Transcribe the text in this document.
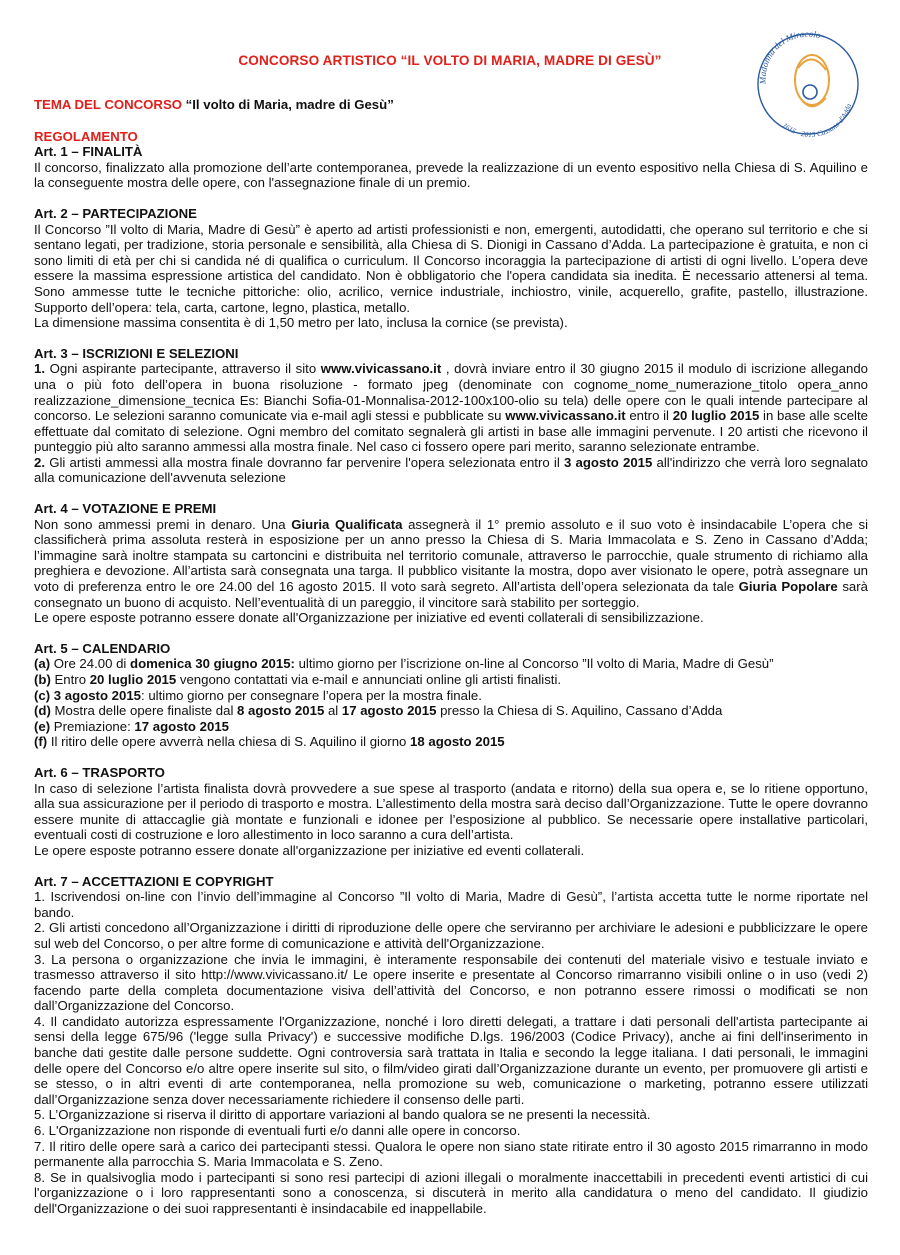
CONCORSO ARTISTICO “IL VOLTO DI MARIA, MADRE DI GESÙ”
Madonna del Miracolo
1615 - 2015 Cassano d'Adda

TEMA DEL CONCORSO “Il volto di Maria, madre di Gesù”

REGOLAMENTO

Art. 1 – FINALITÀ

Il concorso, finalizzato alla promozione dell’arte contemporanea, prevede la realizzazione di un evento espositivo nella Chiesa di S. Aquilino e la conseguente mostra delle opere, con l'assegnazione finale di un premio.

Art. 2 – PARTECIPAZIONE

Il Concorso ”Il volto di Maria, Madre di Gesù” è aperto ad artisti professionisti e non, emergenti, autodidatti, che operano sul territorio e che si sentano legati, per tradizione, storia personale e sensibilità, alla Chiesa di S. Dionigi in Cassano d’Adda. La partecipazione è gratuita, e non ci sono limiti di età per chi si candida né di qualifica o curriculum. Il Concorso incoraggia la partecipazione di artisti di ogni livello. L’opera deve essere la massima espressione artistica del candidato. Non è obbligatorio che l'opera candidata sia inedita. È necessario attenersi al tema. Sono ammesse tutte le tecniche pittoriche: olio, acrilico, vernice industriale, inchiostro, vinile, acquerello, grafite, pastello, illustrazione. Supporto dell’opera: tela, carta, cartone, legno, plastica, metallo.

La dimensione massima consentita è di 1,50 metro per lato, inclusa la cornice (se prevista).

Art. 3 – ISCRIZIONI E SELEZIONI

1. Ogni aspirante partecipante, attraverso il sito www.vivicassano.it , dovrà inviare entro il 30 giugno 2015 il modulo di iscrizione allegando una o più foto dell’opera in buona risoluzione - formato jpeg (denominate con cognome_nome_numerazione_titolo opera_anno realizzazione_dimensione_tecnica Es: Bianchi Sofia-01-Monnalisa-2012-100x100-olio su tela) delle opere con le quali intende partecipare al concorso. Le selezioni saranno comunicate via e-mail agli stessi e pubblicate su www.vivicassano.it entro il 20 luglio 2015 in base alle scelte effettuate dal comitato di selezione. Ogni membro del comitato segnalerà gli artisti in base alle immagini pervenute. I 20 artisti che ricevono il punteggio più alto saranno ammessi alla mostra finale. Nel caso ci fossero opere pari merito, saranno selezionate entrambe.

2. Gli artisti ammessi alla mostra finale dovranno far pervenire l'opera selezionata entro il 3 agosto 2015 all'indirizzo che verrà loro segnalato alla comunicazione dell'avvenuta selezione

Art. 4 – VOTAZIONE E PREMI

Non sono ammessi premi in denaro. Una Giuria Qualificata assegnerà il 1° premio assoluto e il suo voto è insindacabile L’opera che si classificherà prima assoluta resterà in esposizione per un anno presso la Chiesa di S. Maria Immacolata e S. Zeno in Cassano d’Adda; l’immagine sarà inoltre stampata su cartoncini e distribuita nel territorio comunale, attraverso le parrocchie, quale strumento di richiamo alla preghiera e devozione. All’artista sarà consegnata una targa. Il pubblico visitante la mostra, dopo aver visionato le opere, potrà assegnare un voto di preferenza entro le ore 24.00 del 16 agosto 2015. Il voto sarà segreto. All’artista dell’opera selezionata da tale Giuria Popolare sarà consegnato un buono di acquisto. Nell’eventualità di un pareggio, il vincitore sarà stabilito per sorteggio.

Le opere esposte potranno essere donate all'Organizzazione per iniziative ed eventi collaterali di sensibilizzazione.

Art. 5 – CALENDARIO

(a) Ore 24.00 di domenica 30 giugno 2015: ultimo giorno per l’iscrizione on-line al Concorso ”Il volto di Maria, Madre di Gesù”

(b) Entro 20 luglio 2015 vengono contattati via e-mail e annunciati online gli artisti finalisti.

(c) 3 agosto 2015: ultimo giorno per consegnare l’opera per la mostra finale.

(d) Mostra delle opere finaliste dal 8 agosto 2015 al 17 agosto 2015 presso la Chiesa di S. Aquilino, Cassano d’Adda

(e) Premiazione: 17 agosto 2015

(f) Il ritiro delle opere avverrà nella chiesa di S. Aquilino il giorno 18 agosto 2015

Art. 6 – TRASPORTO

In caso di selezione l’artista finalista dovrà provvedere a sue spese al trasporto (andata e ritorno) della sua opera e, se lo ritiene opportuno, alla sua assicurazione per il periodo di trasporto e mostra. L’allestimento della mostra sarà deciso dall’Organizzazione. Tutte le opere dovranno essere munite di attaccaglie già montate e funzionali e idonee per l’esposizione al pubblico. Se necessarie opere installative particolari, eventuali costi di costruzione e loro allestimento in loco saranno a cura dell’artista.

Le opere esposte potranno essere donate all'organizzazione per iniziative ed eventi collaterali.

Art. 7 – ACCETTAZIONI E COPYRIGHT

1. Iscrivendosi on-line con l’invio dell’immagine al Concorso ”Il volto di Maria, Madre di Gesù”, l’artista accetta tutte le norme riportate nel bando.

2. Gli artisti concedono all’Organizzazione i diritti di riproduzione delle opere che serviranno per archiviare le adesioni e pubblicizzare le opere sul web del Concorso, o per altre forme di comunicazione e attività dell'Organizzazione.

3. La persona o organizzazione che invia le immagini, è interamente responsabile dei contenuti del materiale visivo e testuale inviato e trasmesso attraverso il sito http://www.vivicassano.it/ Le opere inserite e presentate al Concorso rimarranno visibili online o in uso (vedi 2) facendo parte della completa documentazione visiva dell’attività del Concorso, e non potranno essere rimossi o modificati se non dall’Organizzazione del Concorso.

4. Il candidato autorizza espressamente l'Organizzazione, nonché i loro diretti delegati, a trattare i dati personali dell'artista partecipante ai sensi della legge 675/96 ('legge sulla Privacy') e successive modifiche D.lgs. 196/2003 (Codice Privacy), anche ai fini dell'inserimento in banche dati gestite dalle persone suddette. Ogni controversia sarà trattata in Italia e secondo la legge italiana. I dati personali, le immagini delle opere del Concorso e/o altre opere inserite sul sito, o film/video girati dall’Organizzazione durante un evento, per promuovere gli artisti e se stesso, o in altri eventi di arte contemporanea, nella promozione su web, comunicazione o marketing, potranno essere utilizzati dall’Organizzazione senza dover necessariamente richiedere il consenso delle parti.

5. L’Organizzazione si riserva il diritto di apportare variazioni al bando qualora se ne presenti la necessità.

6. L'Organizzazione non risponde di eventuali furti e/o danni alle opere in concorso.

7. Il ritiro delle opere sarà a carico dei partecipanti stessi. Qualora le opere non siano state ritirate entro il 30 agosto 2015 rimarranno in modo permanente alla parrocchia S. Maria Immacolata e S. Zeno.

8. Se in qualsivoglia modo i partecipanti si sono resi partecipi di azioni illegali o moralmente inaccettabili in precedenti eventi artistici di cui l'organizzazione o i loro rappresentanti sono a conoscenza, si discuterà in merito alla candidatura o meno del candidato. Il giudizio dell'Organizzazione o dei suoi rappresentanti è insindacabile ed inappellabile.
